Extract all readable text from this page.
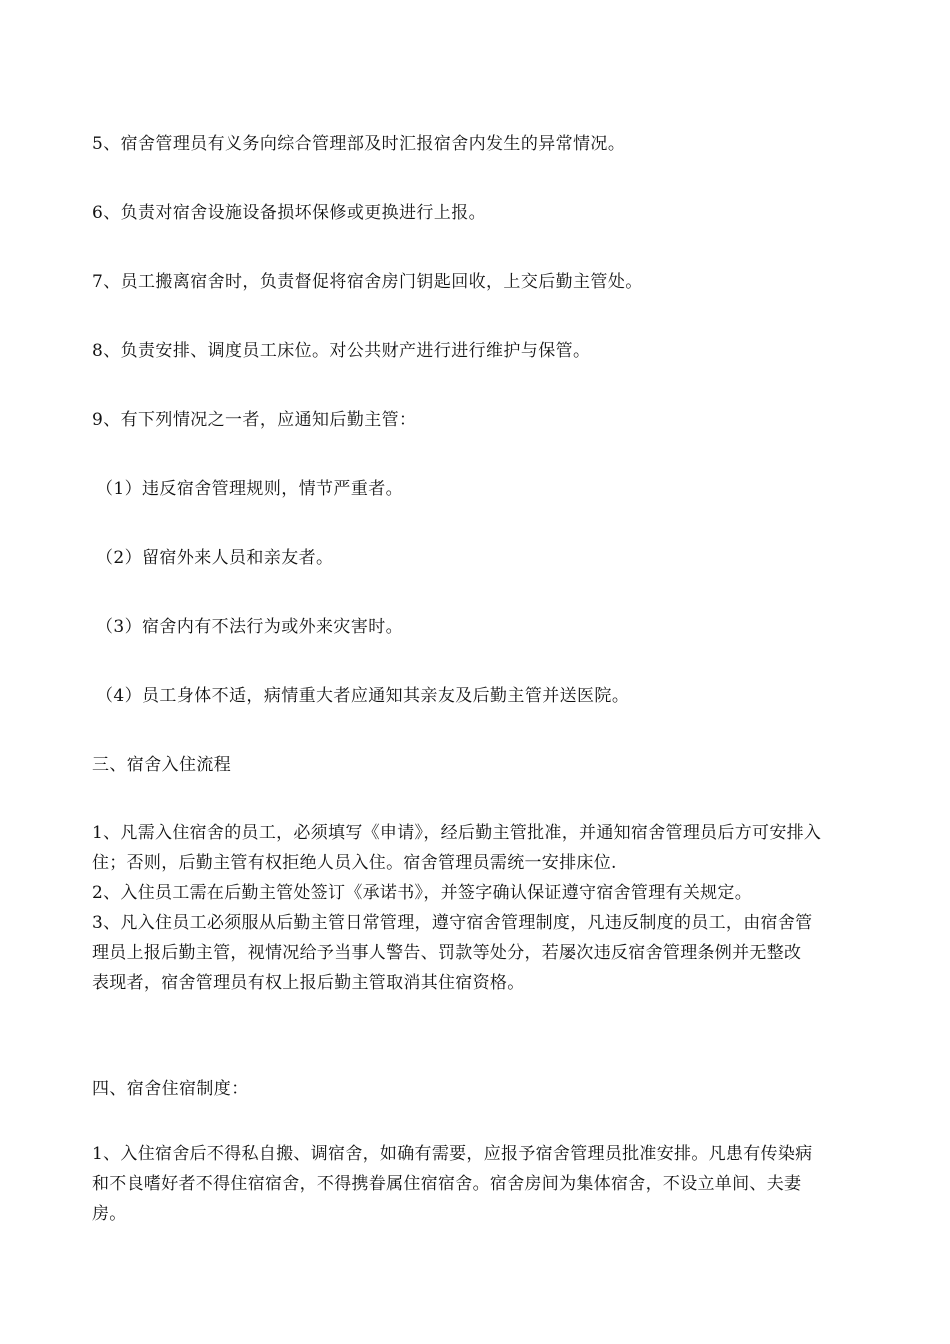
5、宿舍管理员有义务向综合管理部及时汇报宿舍内发生的异常情况。
6、负责对宿舍设施设备损坏保修或更换进行上报。
7、员工搬离宿舍时，负责督促将宿舍房门钥匙回收，上交后勤主管处。
8、负责安排、调度员工床位。对公共财产进行进行维护与保管。
9、有下列情况之一者，应通知后勤主管：
（1）违反宿舍管理规则，情节严重者。
（2）留宿外来人员和亲友者。
（3）宿舍内有不法行为或外来灾害时。
（4）员工身体不适，病情重大者应通知其亲友及后勤主管并送医院。
三、宿舍入住流程
1、凡需入住宿舍的员工，必须填写《申请》，经后勤主管批准，并通知宿舍管理员后方可安排入
住；否则，后勤主管有权拒绝人员入住。宿舍管理员需统一安排床位.
2、入住员工需在后勤主管处签订《承诺书》，并签字确认保证遵守宿舍管理有关规定。
3、凡入住员工必须服从后勤主管日常管理，遵守宿舍管理制度，凡违反制度的员工，由宿舍管
理员上报后勤主管，视情况给予当事人警告、罚款等处分，若屡次违反宿舍管理条例并无整改
表现者，宿舍管理员有权上报后勤主管取消其住宿资格。
四、宿舍住宿制度：
1、入住宿舍后不得私自搬、调宿舍，如确有需要，应报予宿舍管理员批准安排。凡患有传染病
和不良嗜好者不得住宿宿舍，不得携眷属住宿宿舍。宿舍房间为集体宿舍，不设立单间、夫妻
房。
